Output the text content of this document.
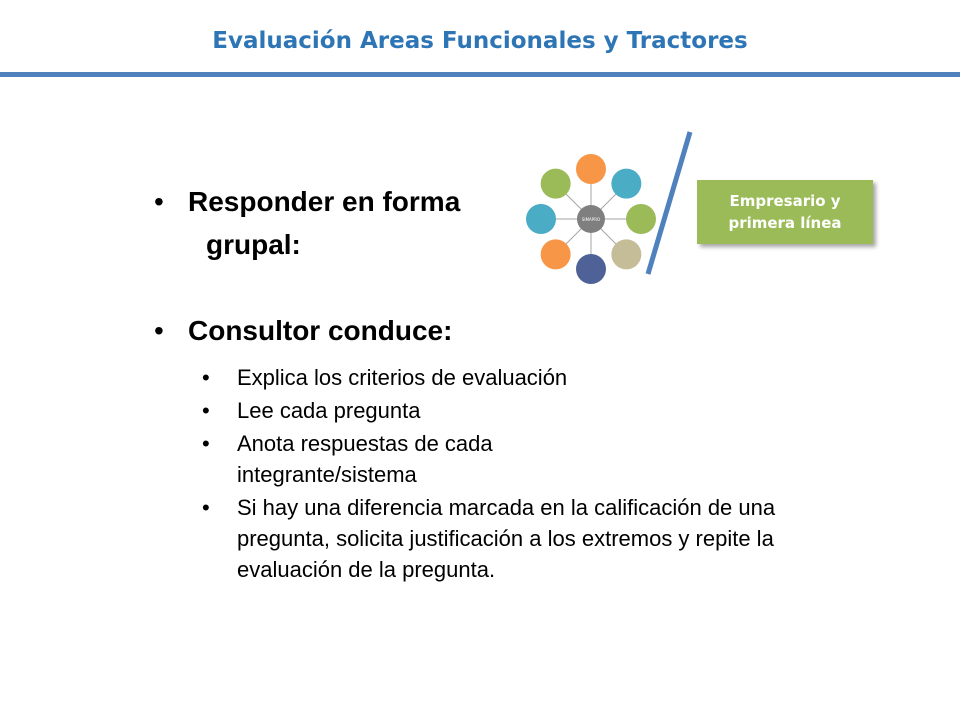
Evaluación Areas Funcionales y Tractores
• Responder en forma
grupal:
• Consultor conduce:
• Explica los criterios de evaluación
• Lee cada pregunta
• Anota respuestas de cada integrante/sistema
• Si hay una diferencia marcada en la calificación de una pregunta, solicita justificación a los extremos y repite la evaluación de la pregunta.
SIMAPRO
Empresario y primera línea
